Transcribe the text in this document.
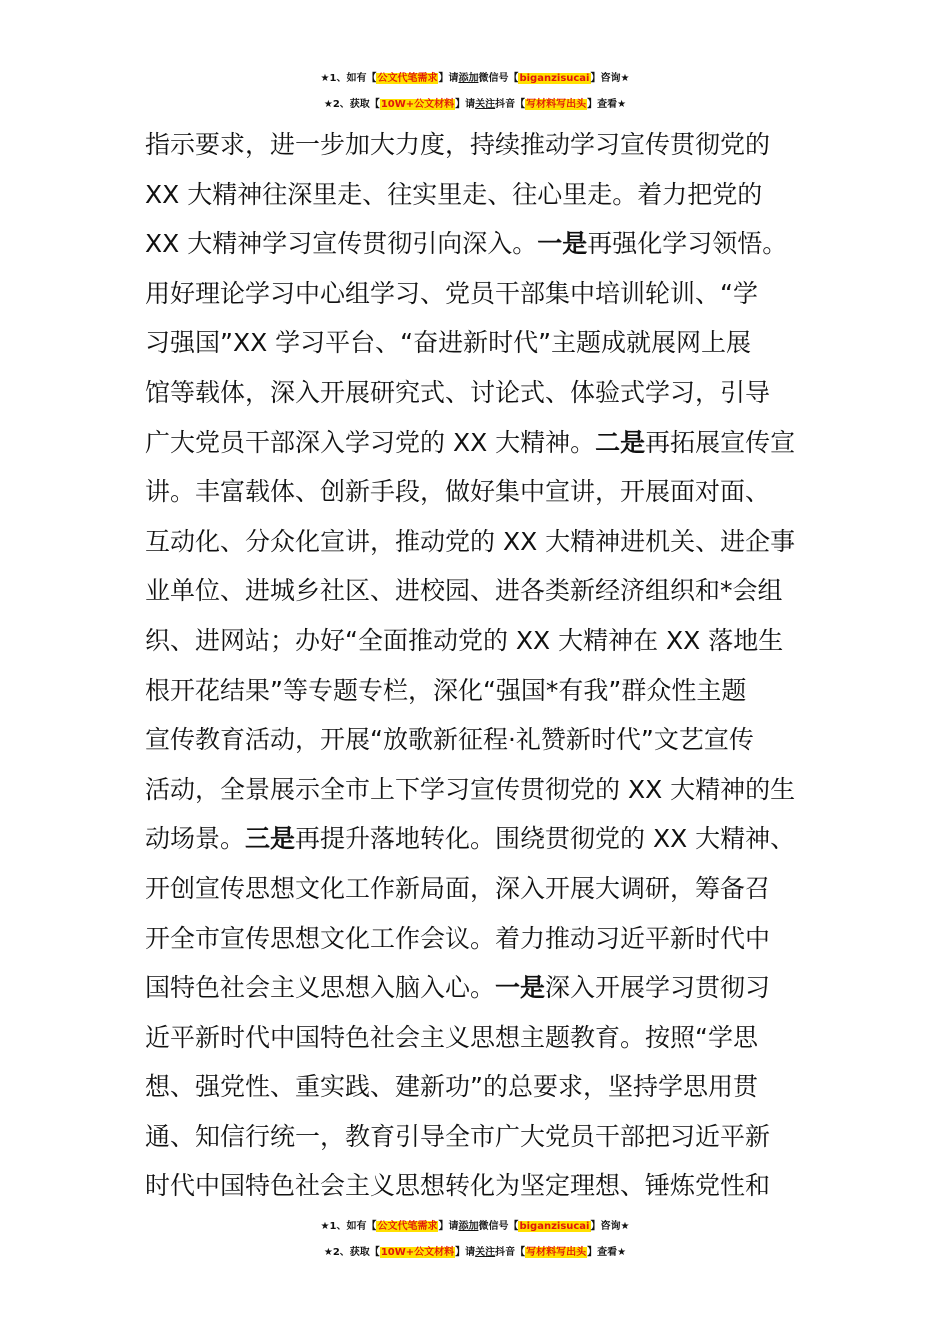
★1、如有【公文代笔需求】请添加微信号【biganzisucai】咨询★
★2、获取【10W+公文材料】请关注抖音【写材料写出头】查看★
指示要求，进一步加大力度，持续推动学习宣传贯彻党的
XX 大精神往深里走、往实里走、往心里走。着力把党的
XX 大精神学习宣传贯彻引向深入。一是再强化学习领悟。
用好理论学习中心组学习、党员干部集中培训轮训、“学
习强国”XX 学习平台、“奋进新时代”主题成就展网上展
馆等载体，深入开展研究式、讨论式、体验式学习，引导
广大党员干部深入学习党的 XX 大精神。二是再拓展宣传宣
讲。丰富载体、创新手段，做好集中宣讲，开展面对面、
互动化、分众化宣讲，推动党的 XX 大精神进机关、进企事
业单位、进城乡社区、进校园、进各类新经济组织和*会组
织、进网站；办好“全面推动党的 XX 大精神在 XX 落地生
根开花结果”等专题专栏，深化“强国*有我”群众性主题
宣传教育活动，开展“放歌新征程·礼赞新时代”文艺宣传
活动，全景展示全市上下学习宣传贯彻党的 XX 大精神的生
动场景。三是再提升落地转化。围绕贯彻党的 XX 大精神、
开创宣传思想文化工作新局面，深入开展大调研，筹备召
开全市宣传思想文化工作会议。着力推动习近平新时代中
国特色社会主义思想入脑入心。一是深入开展学习贯彻习
近平新时代中国特色社会主义思想主题教育。按照“学思
想、强党性、重实践、建新功”的总要求，坚持学思用贯
通、知信行统一，教育引导全市广大党员干部把习近平新
时代中国特色社会主义思想转化为坚定理想、锤炼党性和
★1、如有【公文代笔需求】请添加微信号【biganzisucai】咨询★
★2、获取【10W+公文材料】请关注抖音【写材料写出头】查看★
